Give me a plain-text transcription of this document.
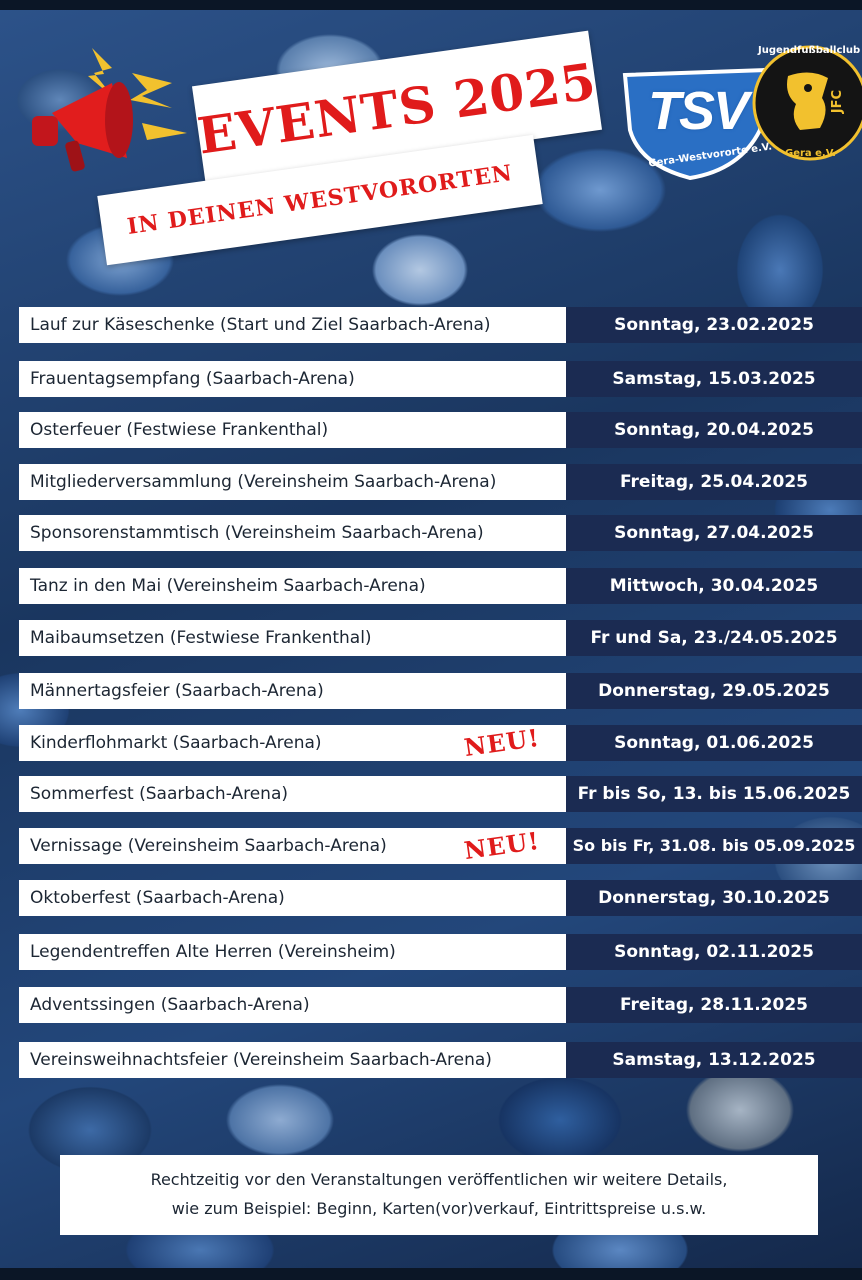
EVENTS 2025
IN DEINEN WESTVORORTEN
TSV
Gera-Westvororte e.V.
Jugendfußballclub
JFC
Gera e.V.
Lauf zur Käseschenke (Start und Ziel Saarbach-Arena)	Sonntag, 23.02.2025
Frauentagsempfang (Saarbach-Arena)	Samstag, 15.03.2025
Osterfeuer (Festwiese Frankenthal)	Sonntag, 20.04.2025
Mitgliederversammlung (Vereinsheim Saarbach-Arena)	Freitag, 25.04.2025
Sponsorenstammtisch (Vereinsheim Saarbach-Arena)	Sonntag, 27.04.2025
Tanz in den Mai (Vereinsheim Saarbach-Arena)	Mittwoch, 30.04.2025
Maibaumsetzen (Festwiese Frankenthal)	Fr und Sa, 23./24.05.2025
Männertagsfeier (Saarbach-Arena)	Donnerstag, 29.05.2025
Kinderflohmarkt (Saarbach-Arena)	Sonntag, 01.06.2025
NEU!
Sommerfest (Saarbach-Arena)	Fr bis So, 13. bis 15.06.2025
Vernissage (Vereinsheim Saarbach-Arena)	So bis Fr, 31.08. bis 05.09.2025
NEU!
Oktoberfest (Saarbach-Arena)	Donnerstag, 30.10.2025
Legendentreffen Alte Herren (Vereinsheim)	Sonntag, 02.11.2025
Adventssingen (Saarbach-Arena)	Freitag, 28.11.2025
Vereinsweihnachtsfeier (Vereinsheim Saarbach-Arena)	Samstag, 13.12.2025
Rechtzeitig vor den Veranstaltungen veröffentlichen wir weitere Details,
wie zum Beispiel: Beginn, Karten(vor)verkauf, Eintrittspreise u.s.w.
